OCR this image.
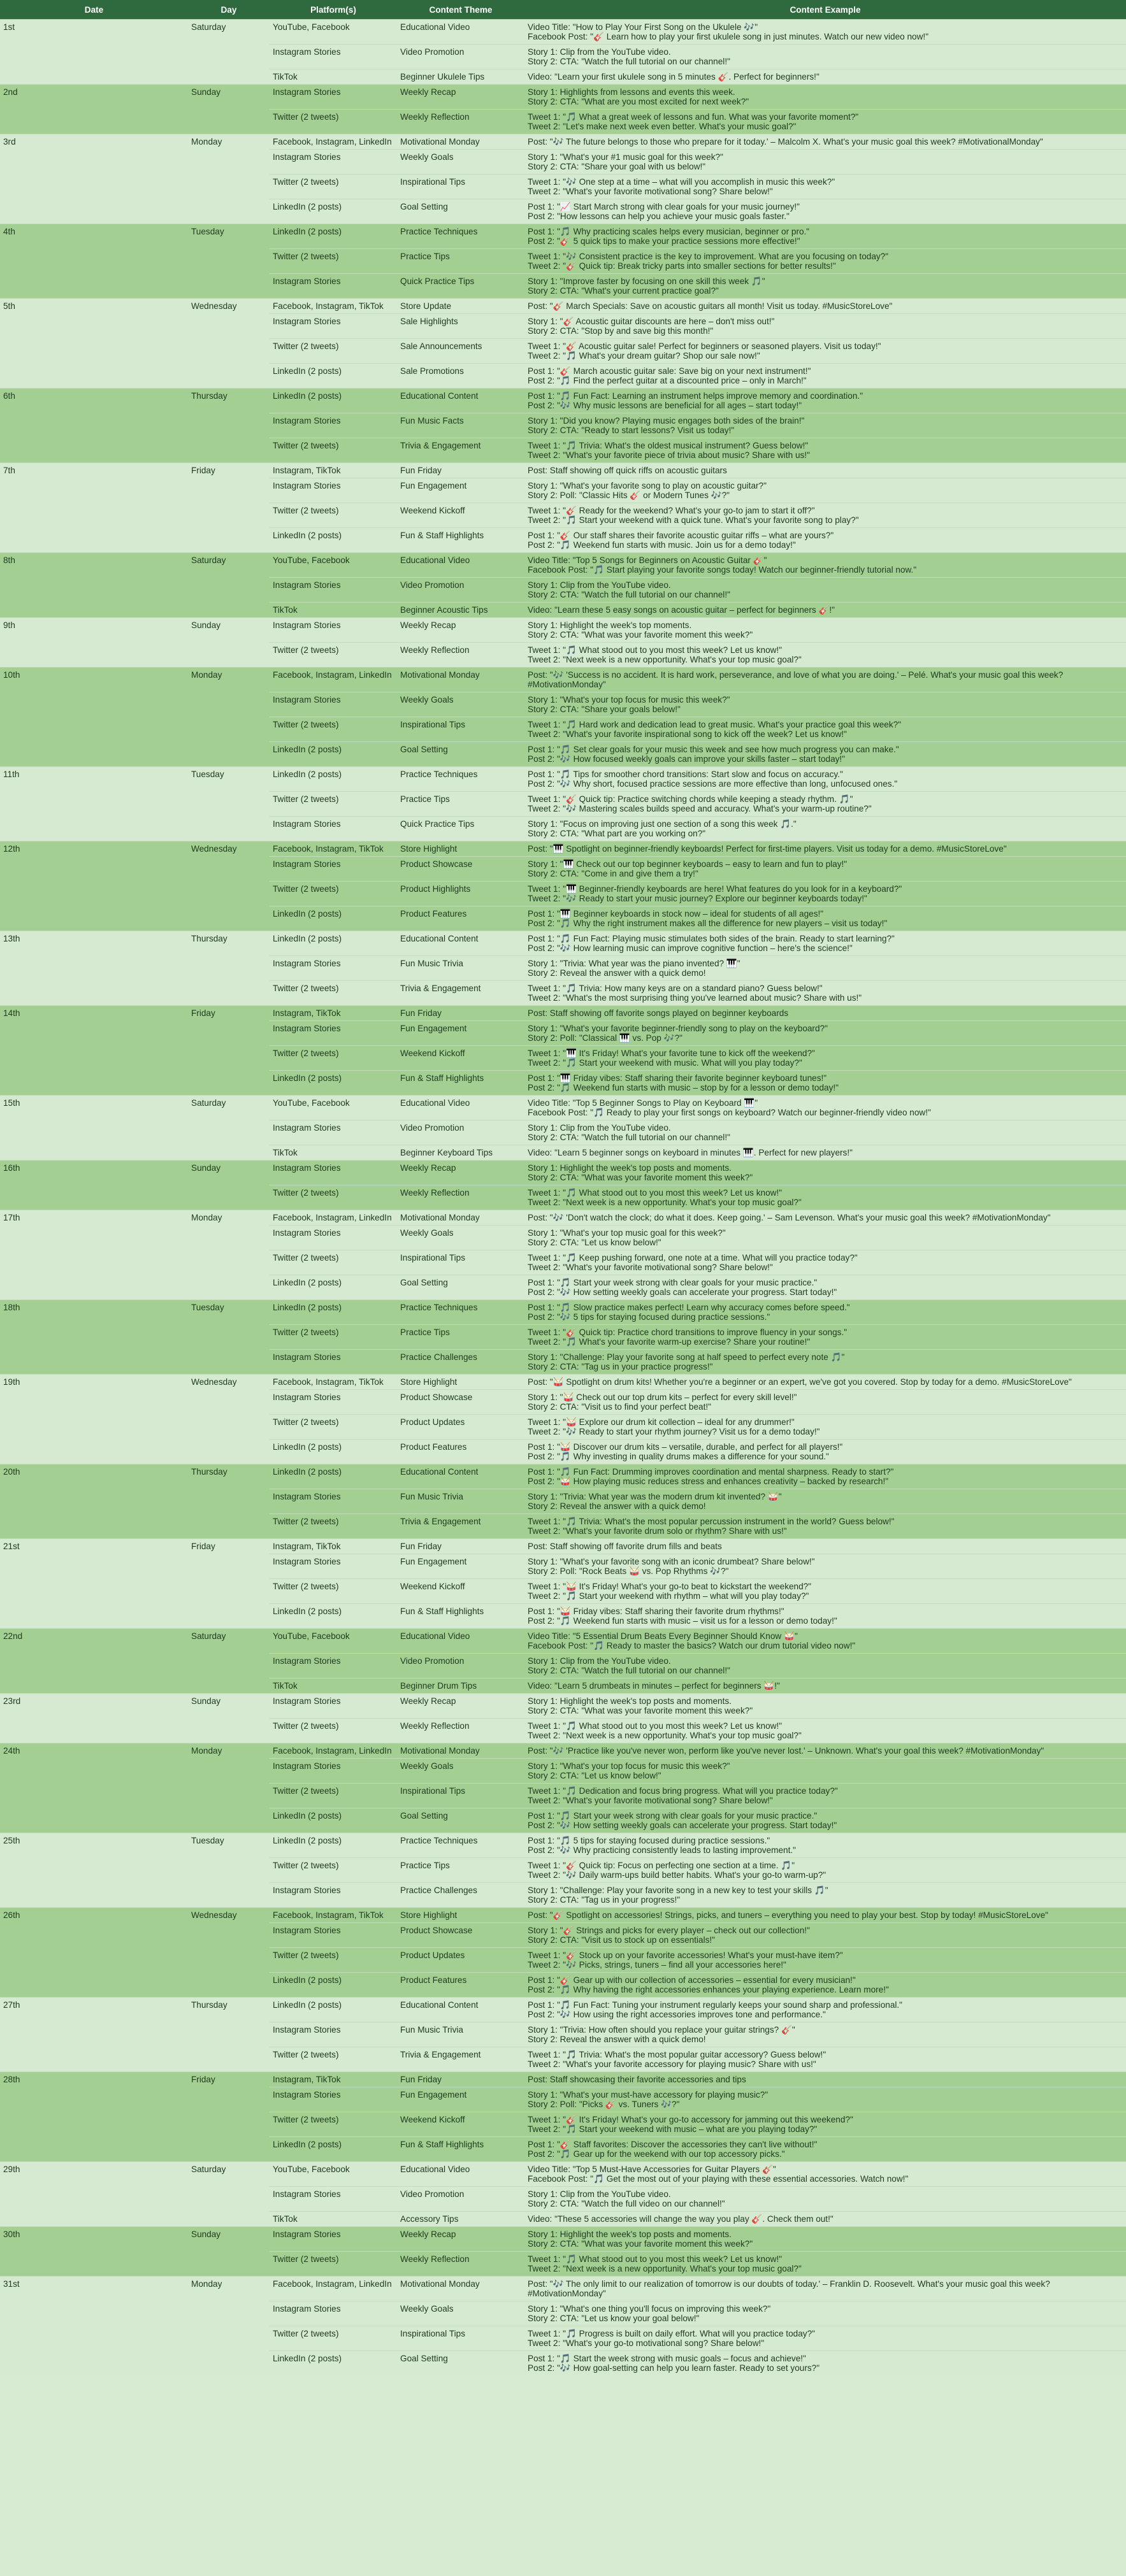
Date	Day	Platform(s)	Content Theme	Content Example
1st	Saturday	YouTube, Facebook	Educational Video	Video Title: "How to Play Your First Song on the Ukulele 🎶"
Facebook Post: "🎸 Learn how to play your first ukulele song in just minutes. Watch our new video now!"
		Instagram Stories	Video Promotion	Story 1: Clip from the YouTube video.
Story 2: CTA: "Watch the full tutorial on our channel!"
		TikTok	Beginner Ukulele Tips	Video: "Learn your first ukulele song in 5 minutes 🎸. Perfect for beginners!"
2nd	Sunday	Instagram Stories	Weekly Recap	Story 1: Highlights from lessons and events this week.
Story 2: CTA: "What are you most excited for next week?"
		Twitter (2 tweets)	Weekly Reflection	Tweet 1: "🎵 What a great week of lessons and fun. What was your favorite moment?"
Tweet 2: "Let's make next week even better. What's your music goal?"
3rd	Monday	Facebook, Instagram, LinkedIn	Motivational Monday	Post: "🎶 The future belongs to those who prepare for it today.' – Malcolm X. What's your music goal this week? #MotivationalMonday"
		Instagram Stories	Weekly Goals	Story 1: "What's your #1 music goal for this week?"
Story 2: CTA: "Share your goal with us below!"
		Twitter (2 tweets)	Inspirational Tips	Tweet 1: "🎶 One step at a time – what will you accomplish in music this week?"
Tweet 2: "What's your favorite motivational song? Share below!"
		LinkedIn (2 posts)	Goal Setting	Post 1: "📈 Start March strong with clear goals for your music journey!"
Post 2: "How lessons can help you achieve your music goals faster."
4th	Tuesday	LinkedIn (2 posts)	Practice Techniques	Post 1: "🎵 Why practicing scales helps every musician, beginner or pro."
Post 2: "🎸 5 quick tips to make your practice sessions more effective!"
		Twitter (2 tweets)	Practice Tips	Tweet 1: "🎶 Consistent practice is the key to improvement. What are you focusing on today?"
Tweet 2: "🎸 Quick tip: Break tricky parts into smaller sections for better results!"
		Instagram Stories	Quick Practice Tips	Story 1: "Improve faster by focusing on one skill this week 🎵"
Story 2: CTA: "What's your current practice goal?"
5th	Wednesday	Facebook, Instagram, TikTok	Store Update	Post: "🎸 March Specials: Save on acoustic guitars all month! Visit us today. #MusicStoreLove"
		Instagram Stories	Sale Highlights	Story 1: "🎸 Acoustic guitar discounts are here – don't miss out!"
Story 2: CTA: "Stop by and save big this month!"
		Twitter (2 tweets)	Sale Announcements	Tweet 1: "🎸 Acoustic guitar sale! Perfect for beginners or seasoned players. Visit us today!"
Tweet 2: "🎵 What's your dream guitar? Shop our sale now!"
		LinkedIn (2 posts)	Sale Promotions	Post 1: "🎸 March acoustic guitar sale: Save big on your next instrument!"
Post 2: "🎵 Find the perfect guitar at a discounted price – only in March!"
6th	Thursday	LinkedIn (2 posts)	Educational Content	Post 1: "🎵 Fun Fact: Learning an instrument helps improve memory and coordination."
Post 2: "🎶 Why music lessons are beneficial for all ages – start today!"
		Instagram Stories	Fun Music Facts	Story 1: "Did you know? Playing music engages both sides of the brain!"
Story 2: CTA: "Ready to start lessons? Visit us today!"
		Twitter (2 tweets)	Trivia & Engagement	Tweet 1: "🎵 Trivia: What's the oldest musical instrument? Guess below!"
Tweet 2: "What's your favorite piece of trivia about music? Share with us!"
7th	Friday	Instagram, TikTok	Fun Friday	Post: Staff showing off quick riffs on acoustic guitars
		Instagram Stories	Fun Engagement	Story 1: "What's your favorite song to play on acoustic guitar?"
Story 2: Poll: "Classic Hits 🎸 or Modern Tunes 🎶?"
		Twitter (2 tweets)	Weekend Kickoff	Tweet 1: "🎸 Ready for the weekend? What's your go-to jam to start it off?"
Tweet 2: "🎵 Start your weekend with a quick tune. What's your favorite song to play?"
		LinkedIn (2 posts)	Fun & Staff Highlights	Post 1: "🎸 Our staff shares their favorite acoustic guitar riffs – what are yours?"
Post 2: "🎵 Weekend fun starts with music. Join us for a demo today!"
8th	Saturday	YouTube, Facebook	Educational Video	Video Title: "Top 5 Songs for Beginners on Acoustic Guitar 🎸"
Facebook Post: "🎵 Start playing your favorite songs today! Watch our beginner-friendly tutorial now."
		Instagram Stories	Video Promotion	Story 1: Clip from the YouTube video.
Story 2: CTA: "Watch the full tutorial on our channel!"
		TikTok	Beginner Acoustic Tips	Video: "Learn these 5 easy songs on acoustic guitar – perfect for beginners 🎸!"
9th	Sunday	Instagram Stories	Weekly Recap	Story 1: Highlight the week's top moments.
Story 2: CTA: "What was your favorite moment this week?"
		Twitter (2 tweets)	Weekly Reflection	Tweet 1: "🎵 What stood out to you most this week? Let us know!"
Tweet 2: "Next week is a new opportunity. What's your top music goal?"
10th	Monday	Facebook, Instagram, LinkedIn	Motivational Monday	Post: "🎶 'Success is no accident. It is hard work, perseverance, and love of what you are doing.' – Pelé. What's your music goal this week? #MotivationMonday"
		Instagram Stories	Weekly Goals	Story 1: "What's your top focus for music this week?"
Story 2: CTA: "Share your goals below!"
		Twitter (2 tweets)	Inspirational Tips	Tweet 1: "🎵 Hard work and dedication lead to great music. What's your practice goal this week?"
Tweet 2: "What's your favorite inspirational song to kick off the week? Let us know!"
		LinkedIn (2 posts)	Goal Setting	Post 1: "🎵 Set clear goals for your music this week and see how much progress you can make."
Post 2: "🎶 How focused weekly goals can improve your skills faster – start today!"
11th	Tuesday	LinkedIn (2 posts)	Practice Techniques	Post 1: "🎵 Tips for smoother chord transitions: Start slow and focus on accuracy."
Post 2: "🎶 Why short, focused practice sessions are more effective than long, unfocused ones."
		Twitter (2 tweets)	Practice Tips	Tweet 1: "🎸 Quick tip: Practice switching chords while keeping a steady rhythm. 🎵"
Tweet 2: "🎶 Mastering scales builds speed and accuracy. What's your warm-up routine?"
		Instagram Stories	Quick Practice Tips	Story 1: "Focus on improving just one section of a song this week 🎵."
Story 2: CTA: "What part are you working on?"
12th	Wednesday	Facebook, Instagram, TikTok	Store Highlight	Post: "🎹 Spotlight on beginner-friendly keyboards! Perfect for first-time players. Visit us today for a demo. #MusicStoreLove"
		Instagram Stories	Product Showcase	Story 1: "🎹 Check out our top beginner keyboards – easy to learn and fun to play!"
Story 2: CTA: "Come in and give them a try!"
		Twitter (2 tweets)	Product Highlights	Tweet 1: "🎹 Beginner-friendly keyboards are here! What features do you look for in a keyboard?"
Tweet 2: "🎶 Ready to start your music journey? Explore our beginner keyboards today!"
		LinkedIn (2 posts)	Product Features	Post 1: "🎹 Beginner keyboards in stock now – ideal for students of all ages!"
Post 2: "🎵 Why the right instrument makes all the difference for new players – visit us today!"
13th	Thursday	LinkedIn (2 posts)	Educational Content	Post 1: "🎵 Fun Fact: Playing music stimulates both sides of the brain. Ready to start learning?"
Post 2: "🎶 How learning music can improve cognitive function – here's the science!"
		Instagram Stories	Fun Music Trivia	Story 1: "Trivia: What year was the piano invented? 🎹"
Story 2: Reveal the answer with a quick demo!
		Twitter (2 tweets)	Trivia & Engagement	Tweet 1: "🎵 Trivia: How many keys are on a standard piano? Guess below!"
Tweet 2: "What's the most surprising thing you've learned about music? Share with us!"
14th	Friday	Instagram, TikTok	Fun Friday	Post: Staff showing off favorite songs played on beginner keyboards
		Instagram Stories	Fun Engagement	Story 1: "What's your favorite beginner-friendly song to play on the keyboard?"
Story 2: Poll: "Classical 🎹 vs. Pop 🎶?"
		Twitter (2 tweets)	Weekend Kickoff	Tweet 1: "🎹 It's Friday! What's your favorite tune to kick off the weekend?"
Tweet 2: "🎵 Start your weekend with music. What will you play today?"
		LinkedIn (2 posts)	Fun & Staff Highlights	Post 1: "🎹 Friday vibes: Staff sharing their favorite beginner keyboard tunes!"
Post 2: "🎵 Weekend fun starts with music – stop by for a lesson or demo today!"
15th	Saturday	YouTube, Facebook	Educational Video	Video Title: "Top 5 Beginner Songs to Play on Keyboard 🎹"
Facebook Post: "🎵 Ready to play your first songs on keyboard? Watch our beginner-friendly video now!"
		Instagram Stories	Video Promotion	Story 1: Clip from the YouTube video.
Story 2: CTA: "Watch the full tutorial on our channel!"
		TikTok	Beginner Keyboard Tips	Video: "Learn 5 beginner songs on keyboard in minutes 🎹. Perfect for new players!"
16th	Sunday	Instagram Stories	Weekly Recap	Story 1: Highlight the week's top posts and moments.
Story 2: CTA: "What was your favorite moment this week?"
		Twitter (2 tweets)	Weekly Reflection	Tweet 1: "🎵 What stood out to you most this week? Let us know!"
Tweet 2: "Next week is a new opportunity. What's your top music goal?"
17th	Monday	Facebook, Instagram, LinkedIn	Motivational Monday	Post: "🎶 'Don't watch the clock; do what it does. Keep going.' – Sam Levenson. What's your music goal this week? #MotivationMonday"
		Instagram Stories	Weekly Goals	Story 1: "What's your top music goal for this week?"
Story 2: CTA: "Let us know below!"
		Twitter (2 tweets)	Inspirational Tips	Tweet 1: "🎵 Keep pushing forward, one note at a time. What will you practice today?"
Tweet 2: "What's your favorite motivational song? Share below!"
		LinkedIn (2 posts)	Goal Setting	Post 1: "🎵 Start your week strong with clear goals for your music practice."
Post 2: "🎶 How setting weekly goals can accelerate your progress. Start today!"
18th	Tuesday	LinkedIn (2 posts)	Practice Techniques	Post 1: "🎵 Slow practice makes perfect! Learn why accuracy comes before speed."
Post 2: "🎶 5 tips for staying focused during practice sessions."
		Twitter (2 tweets)	Practice Tips	Tweet 1: "🎸 Quick tip: Practice chord transitions to improve fluency in your songs."
Tweet 2: "🎵 What's your favorite warm-up exercise? Share your routine!"
		Instagram Stories	Practice Challenges	Story 1: "Challenge: Play your favorite song at half speed to perfect every note 🎵"
Story 2: CTA: "Tag us in your practice progress!"
19th	Wednesday	Facebook, Instagram, TikTok	Store Highlight	Post: "🥁 Spotlight on drum kits! Whether you're a beginner or an expert, we've got you covered. Stop by today for a demo. #MusicStoreLove"
		Instagram Stories	Product Showcase	Story 1: "🥁 Check out our top drum kits – perfect for every skill level!"
Story 2: CTA: "Visit us to find your perfect beat!"
		Twitter (2 tweets)	Product Updates	Tweet 1: "🥁 Explore our drum kit collection – ideal for any drummer!"
Tweet 2: "🎶 Ready to start your rhythm journey? Visit us for a demo today!"
		LinkedIn (2 posts)	Product Features	Post 1: "🥁 Discover our drum kits – versatile, durable, and perfect for all players!"
Post 2: "🎵 Why investing in quality drums makes a difference for your sound."
20th	Thursday	LinkedIn (2 posts)	Educational Content	Post 1: "🎵 Fun Fact: Drumming improves coordination and mental sharpness. Ready to start?"
Post 2: "🥁 How playing music reduces stress and enhances creativity – backed by research!"
		Instagram Stories	Fun Music Trivia	Story 1: "Trivia: What year was the modern drum kit invented? 🥁"
Story 2: Reveal the answer with a quick demo!
		Twitter (2 tweets)	Trivia & Engagement	Tweet 1: "🎵 Trivia: What's the most popular percussion instrument in the world? Guess below!"
Tweet 2: "What's your favorite drum solo or rhythm? Share with us!"
21st	Friday	Instagram, TikTok	Fun Friday	Post: Staff showing off favorite drum fills and beats
		Instagram Stories	Fun Engagement	Story 1: "What's your favorite song with an iconic drumbeat? Share below!"
Story 2: Poll: "Rock Beats 🥁 vs. Pop Rhythms 🎶?"
		Twitter (2 tweets)	Weekend Kickoff	Tweet 1: "🥁 It's Friday! What's your go-to beat to kickstart the weekend?"
Tweet 2: "🎵 Start your weekend with rhythm – what will you play today?"
		LinkedIn (2 posts)	Fun & Staff Highlights	Post 1: "🥁 Friday vibes: Staff sharing their favorite drum rhythms!"
Post 2: "🎵 Weekend fun starts with music – visit us for a lesson or demo today!"
22nd	Saturday	YouTube, Facebook	Educational Video	Video Title: "5 Essential Drum Beats Every Beginner Should Know 🥁"
Facebook Post: "🎵 Ready to master the basics? Watch our drum tutorial video now!"
		Instagram Stories	Video Promotion	Story 1: Clip from the YouTube video.
Story 2: CTA: "Watch the full tutorial on our channel!"
		TikTok	Beginner Drum Tips	Video: "Learn 5 drumbeats in minutes – perfect for beginners 🥁!"
23rd	Sunday	Instagram Stories	Weekly Recap	Story 1: Highlight the week's top posts and moments.
Story 2: CTA: "What was your favorite moment this week?"
		Twitter (2 tweets)	Weekly Reflection	Tweet 1: "🎵 What stood out to you most this week? Let us know!"
Tweet 2: "Next week is a new opportunity. What's your top music goal?"
24th	Monday	Facebook, Instagram, LinkedIn	Motivational Monday	Post: "🎶 'Practice like you've never won, perform like you've never lost.' – Unknown. What's your goal this week? #MotivationMonday"
		Instagram Stories	Weekly Goals	Story 1: "What's your top focus for music this week?"
Story 2: CTA: "Let us know below!"
		Twitter (2 tweets)	Inspirational Tips	Tweet 1: "🎵 Dedication and focus bring progress. What will you practice today?"
Tweet 2: "What's your favorite motivational song? Share below!"
		LinkedIn (2 posts)	Goal Setting	Post 1: "🎵 Start your week strong with clear goals for your music practice."
Post 2: "🎶 How setting weekly goals can accelerate your progress. Start today!"
25th	Tuesday	LinkedIn (2 posts)	Practice Techniques	Post 1: "🎵 5 tips for staying focused during practice sessions."
Post 2: "🎶 Why practicing consistently leads to lasting improvement."
		Twitter (2 tweets)	Practice Tips	Tweet 1: "🎸 Quick tip: Focus on perfecting one section at a time. 🎵"
Tweet 2: "🎶 Daily warm-ups build better habits. What's your go-to warm-up?"
		Instagram Stories	Practice Challenges	Story 1: "Challenge: Play your favorite song in a new key to test your skills 🎵"
Story 2: CTA: "Tag us in your progress!"
26th	Wednesday	Facebook, Instagram, TikTok	Store Highlight	Post: "🎸 Spotlight on accessories! Strings, picks, and tuners – everything you need to play your best. Stop by today! #MusicStoreLove"
		Instagram Stories	Product Showcase	Story 1: "🎸 Strings and picks for every player – check out our collection!"
Story 2: CTA: "Visit us to stock up on essentials!"
		Twitter (2 tweets)	Product Updates	Tweet 1: "🎸 Stock up on your favorite accessories! What's your must-have item?"
Tweet 2: "🎶 Picks, strings, tuners – find all your accessories here!"
		LinkedIn (2 posts)	Product Features	Post 1: "🎸 Gear up with our collection of accessories – essential for every musician!"
Post 2: "🎵 Why having the right accessories enhances your playing experience. Learn more!"
27th	Thursday	LinkedIn (2 posts)	Educational Content	Post 1: "🎵 Fun Fact: Tuning your instrument regularly keeps your sound sharp and professional."
Post 2: "🎶 How using the right accessories improves tone and performance."
		Instagram Stories	Fun Music Trivia	Story 1: "Trivia: How often should you replace your guitar strings? 🎸"
Story 2: Reveal the answer with a quick demo!
		Twitter (2 tweets)	Trivia & Engagement	Tweet 1: "🎵 Trivia: What's the most popular guitar accessory? Guess below!"
Tweet 2: "What's your favorite accessory for playing music? Share with us!"
28th	Friday	Instagram, TikTok	Fun Friday	Post: Staff showcasing their favorite accessories and tips
		Instagram Stories	Fun Engagement	Story 1: "What's your must-have accessory for playing music?"
Story 2: Poll: "Picks 🎸 vs. Tuners 🎶?"
		Twitter (2 tweets)	Weekend Kickoff	Tweet 1: "🎸 It's Friday! What's your go-to accessory for jamming out this weekend?"
Tweet 2: "🎵 Start your weekend with music – what are you playing today?"
		LinkedIn (2 posts)	Fun & Staff Highlights	Post 1: "🎸 Staff favorites: Discover the accessories they can't live without!"
Post 2: "🎵 Gear up for the weekend with our top accessory picks."
29th	Saturday	YouTube, Facebook	Educational Video	Video Title: "Top 5 Must-Have Accessories for Guitar Players 🎸"
Facebook Post: "🎵 Get the most out of your playing with these essential accessories. Watch now!"
		Instagram Stories	Video Promotion	Story 1: Clip from the YouTube video.
Story 2: CTA: "Watch the full video on our channel!"
		TikTok	Accessory Tips	Video: "These 5 accessories will change the way you play 🎸. Check them out!"
30th	Sunday	Instagram Stories	Weekly Recap	Story 1: Highlight the week's top posts and moments.
Story 2: CTA: "What was your favorite moment this week?"
		Twitter (2 tweets)	Weekly Reflection	Tweet 1: "🎵 What stood out to you most this week? Let us know!"
Tweet 2: "Next week is a new opportunity. What's your top music goal?"
31st	Monday	Facebook, Instagram, LinkedIn	Motivational Monday	Post: "🎶 The only limit to our realization of tomorrow is our doubts of today.' – Franklin D. Roosevelt. What's your music goal this week? #MotivationMonday"
		Instagram Stories	Weekly Goals	Story 1: "What's one thing you'll focus on improving this week?"
Story 2: CTA: "Let us know your goal below!"
		Twitter (2 tweets)	Inspirational Tips	Tweet 1: "🎵 Progress is built on daily effort. What will you practice today?"
Tweet 2: "What's your go-to motivational song? Share below!"
		LinkedIn (2 posts)	Goal Setting	Post 1: "🎵 Start the week strong with music goals – focus and achieve!"
Post 2: "🎶 How goal-setting can help you learn faster. Ready to set yours?"
